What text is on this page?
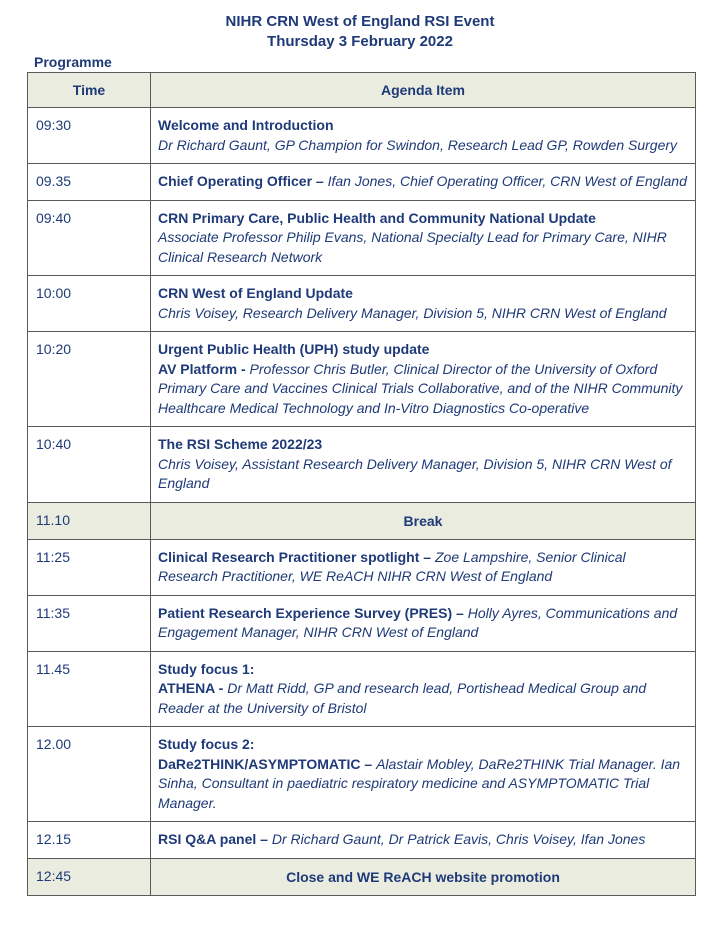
NIHR CRN West of England RSI Event
Thursday 3 February 2022
Programme
Time	Agenda Item
09:30	Welcome and Introduction
Dr Richard Gaunt, GP Champion for Swindon, Research Lead GP, Rowden Surgery

09.35	Chief Operating Officer – Ifan Jones, Chief Operating Officer, CRN West of England
09:40	CRN Primary Care, Public Health and Community National Update
Associate Professor Philip Evans, National Specialty Lead for Primary Care, NIHR Clinical Research Network

10:00	CRN West of England Update
Chris Voisey, Research Delivery Manager, Division 5, NIHR CRN West of England

10:20	Urgent Public Health (UPH) study update
AV Platform - Professor Chris Butler, Clinical Director of the University of Oxford Primary Care and Vaccines Clinical Trials Collaborative, and of the NIHR Community Healthcare Medical Technology and In-Vitro Diagnostics Co-operative

10:40	The RSI Scheme 2022/23
Chris Voisey, Assistant Research Delivery Manager, Division 5, NIHR CRN West of England

11.10	Break
11:25	Clinical Research Practitioner spotlight – Zoe Lampshire, Senior Clinical Research Practitioner, WE ReACH NIHR CRN West of England
11:35	Patient Research Experience Survey (PRES) – Holly Ayres, Communications and Engagement Manager, NIHR CRN West of England
11.45	Study focus 1:
ATHENA - Dr Matt Ridd, GP and research lead, Portishead Medical Group and Reader at the University of Bristol

12.00	Study focus 2:
DaRe2THINK/ASYMPTOMATIC – Alastair Mobley, DaRe2THINK Trial Manager. Ian Sinha, Consultant in paediatric respiratory medicine and ASYMPTOMATIC Trial Manager.

12.15	RSI Q&A panel – Dr Richard Gaunt, Dr Patrick Eavis, Chris Voisey, Ifan Jones
12:45	Close and WE ReACH website promotion
